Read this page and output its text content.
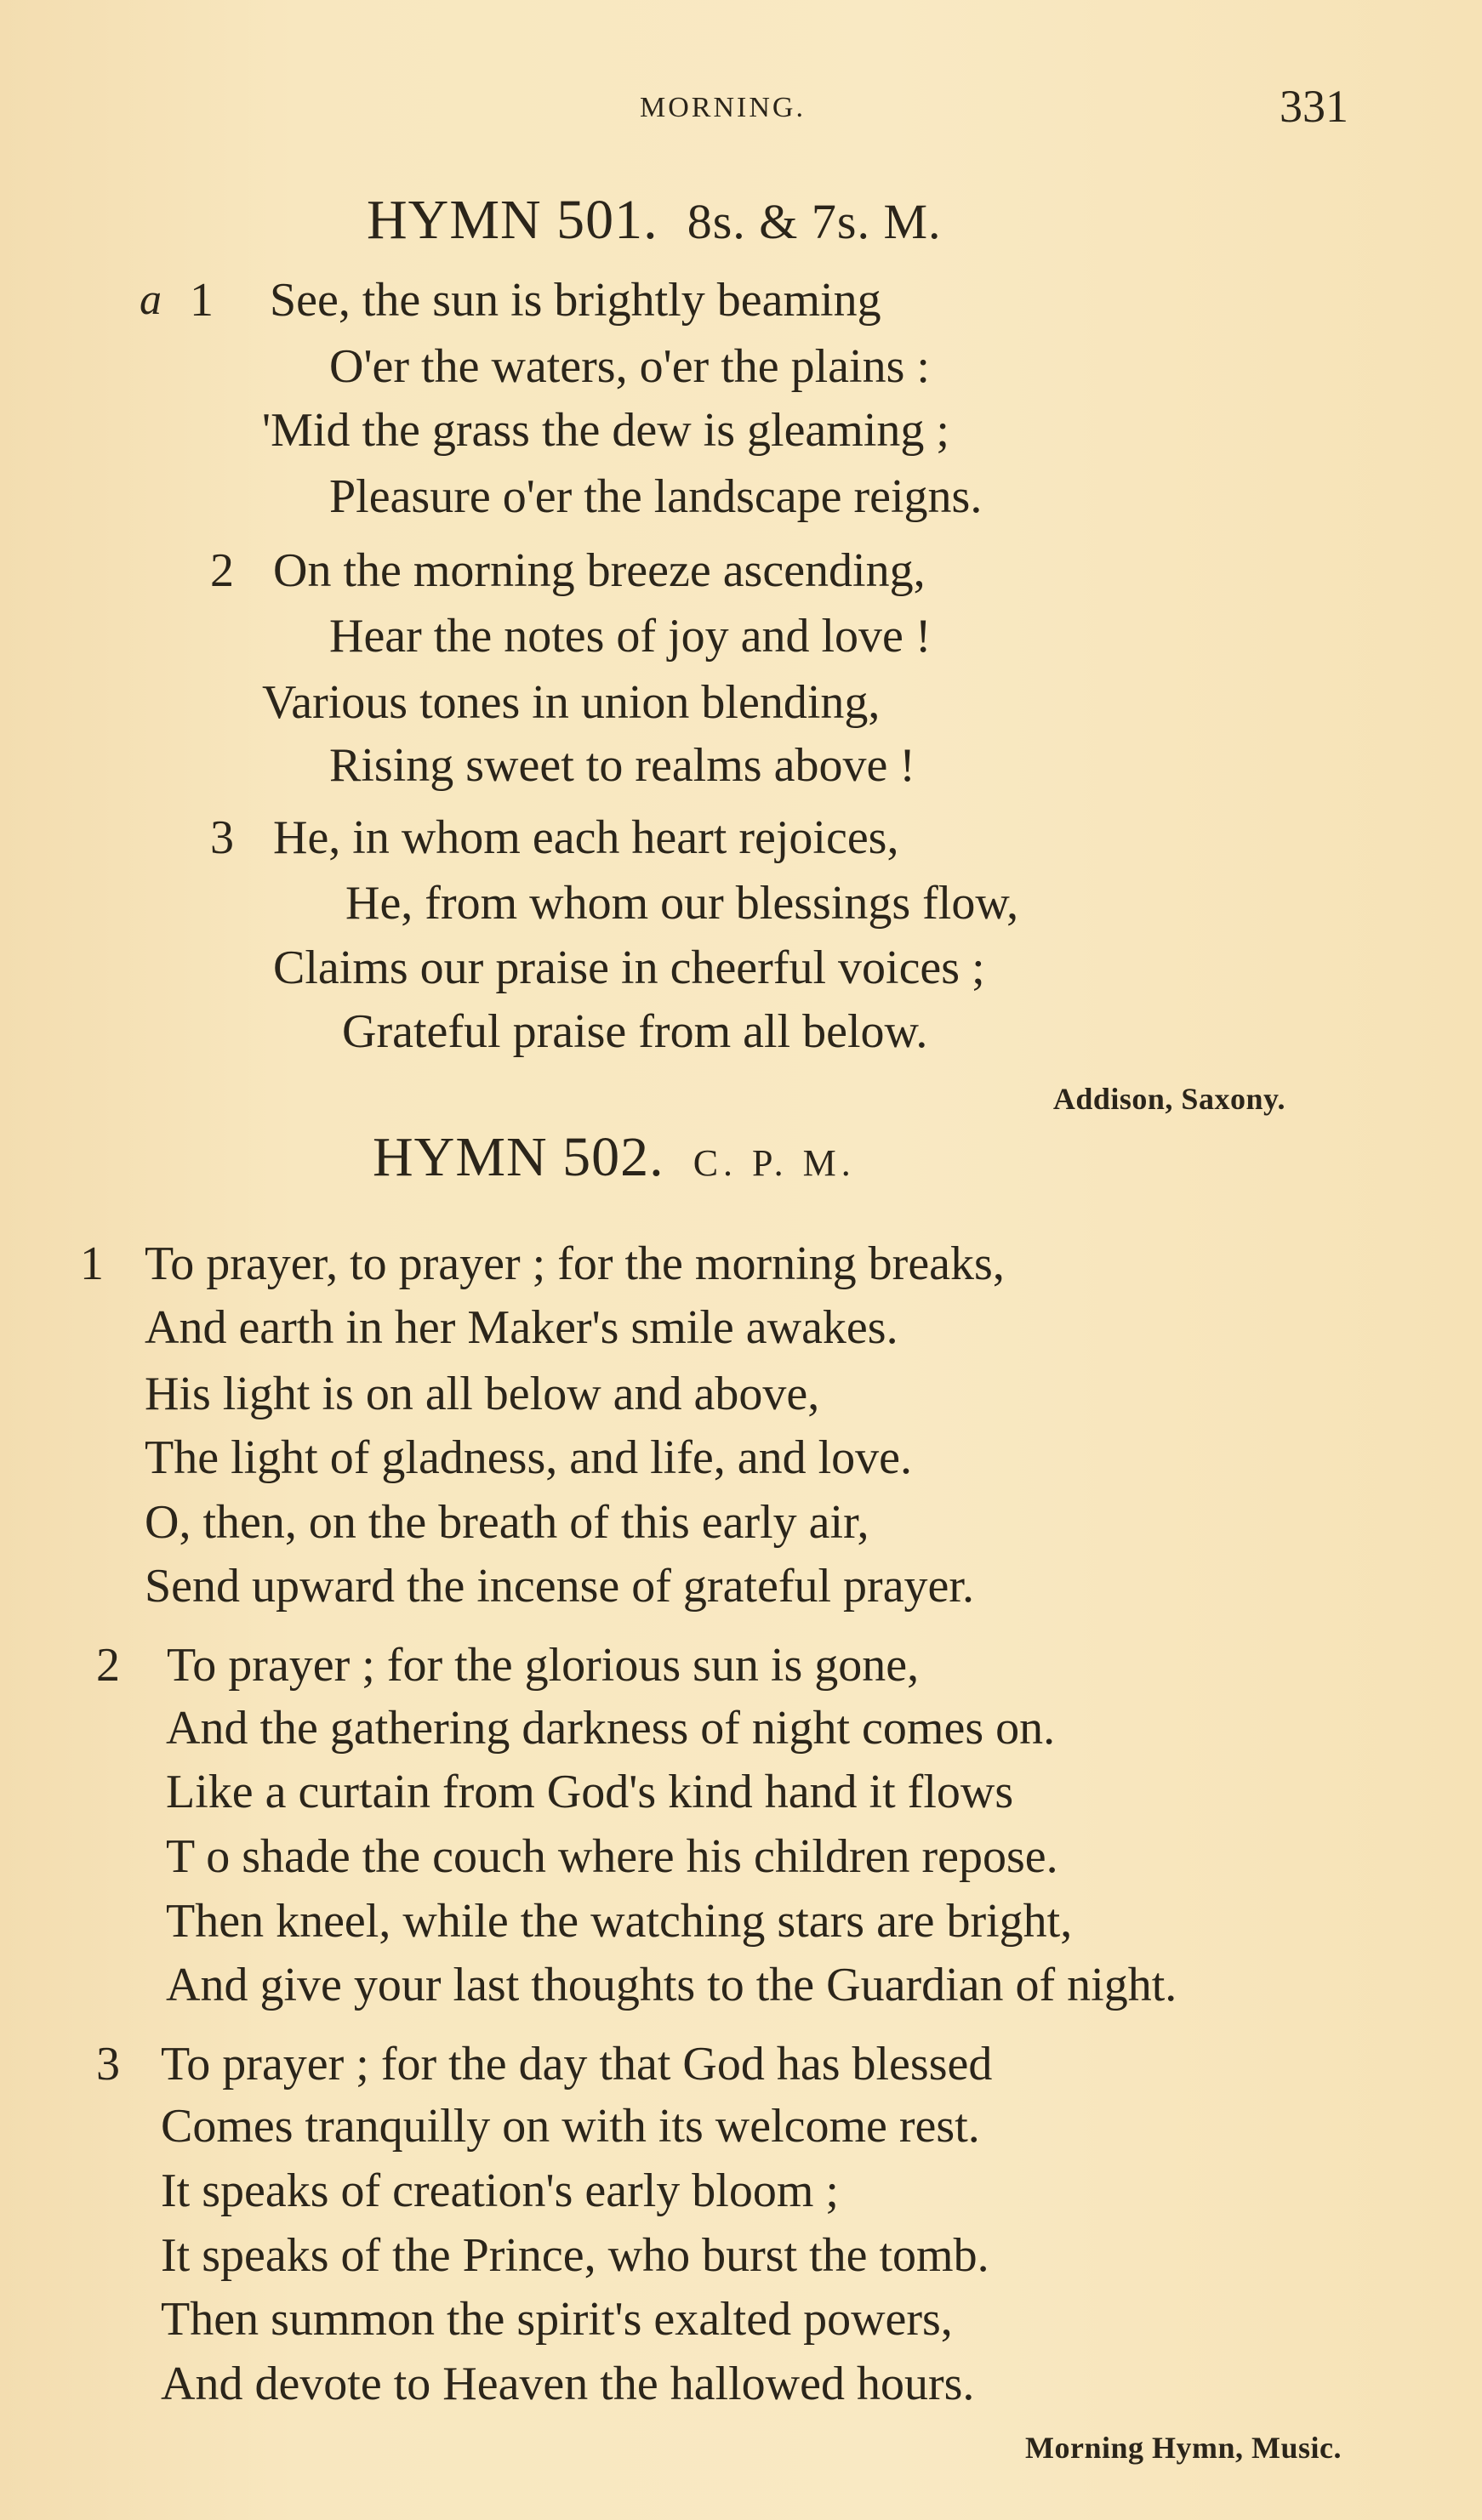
MORNING.	331
HYMN 501. 8s. & 7s. M.
a
HYMN 502. C. P. M.
Addison, Saxony.
Morning Hymn, Music.
1 See, the sun is brightly beaming
O'er the waters, o'er the plains :
'Mid the grass the dew is gleaming ;
Pleasure o'er the landscape reigns.
2 On the morning breeze ascending,
Hear the notes of joy and love !
Various tones in union blending,
Rising sweet to realms above !
3 He, in whom each heart rejoices,
He, from whom our blessings flow,
Claims our praise in cheerful voices ;
Grateful praise from all below.
1 To prayer, to prayer ; for the morning breaks,
And earth in her Maker's smile awakes.
His light is on all below and above,
The light of gladness, and life, and love.
O, then, on the breath of this early air,
Send upward the incense of grateful prayer.
2 To prayer ; for the glorious sun is gone,
And the gathering darkness of night comes on.
Like a curtain from God's kind hand it flows
T o shade the couch where his children repose.
Then kneel, while the watching stars are bright,
And give your last thoughts to the Guardian of night.
3 To prayer ; for the day that God has blessed
Comes tranquilly on with its welcome rest.
It speaks of creation's early bloom ;
It speaks of the Prince, who burst the tomb.
Then summon the spirit's exalted powers,
And devote to Heaven the hallowed hours.
